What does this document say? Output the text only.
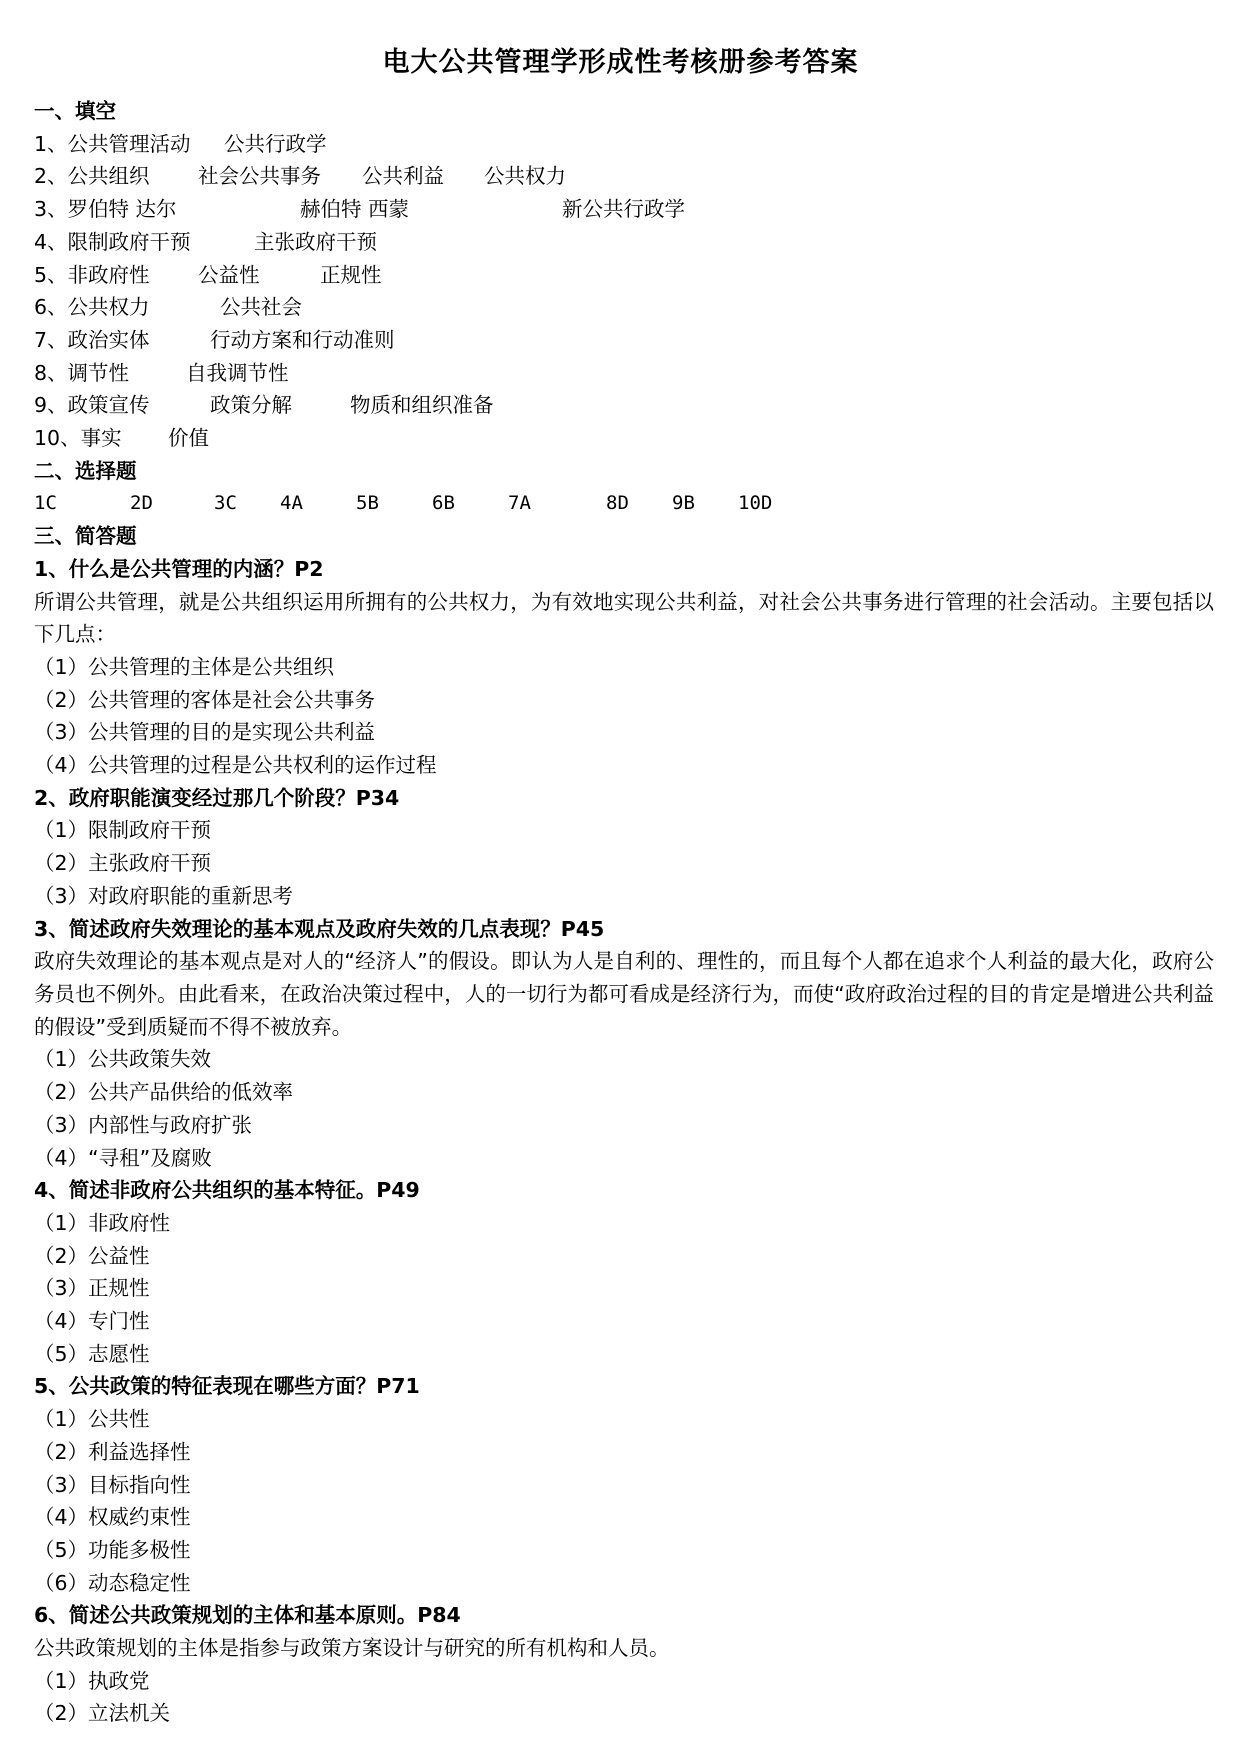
电大公共管理学形成性考核册参考答案
一、填空
1、公共管理活动	公共行政学
2、公共组织	社会公共事务	公共利益	公共权力
3、罗伯特 达尔	赫伯特 西蒙	新公共行政学
4、限制政府干预	主张政府干预
5、非政府性	公益性	正规性
6、公共权力	公共社会
7、政治实体	行动方案和行动准则
8、调节性	自我调节性
9、政策宣传	政策分解	物质和组织准备
10、事实	价值
二、选择题
1C	2D	3C	4A	5B	6B	7A	8D	9B	10D
三、简答题
1、什么是公共管理的内涵？P2
所谓公共管理，就是公共组织运用所拥有的公共权力，为有效地实现公共利益，对社会公共事务进行管理的社会活动。主要包括以下几点：
（1）公共管理的主体是公共组织
（2）公共管理的客体是社会公共事务
（3）公共管理的目的是实现公共利益
（4）公共管理的过程是公共权利的运作过程
2、政府职能演变经过那几个阶段？P34
（1）限制政府干预
（2）主张政府干预
（3）对政府职能的重新思考
3、简述政府失效理论的基本观点及政府失效的几点表现？P45
政府失效理论的基本观点是对人的“经济人”的假设。即认为人是自利的、理性的，而且每个人都在追求个人利益的最大化，政府公务员也不例外。由此看来，在政治决策过程中，人的一切行为都可看成是经济行为，而使“政府政治过程的目的肯定是增进公共利益的假设”受到质疑而不得不被放弃。
（1）公共政策失效
（2）公共产品供给的低效率
（3）内部性与政府扩张
（4）“寻租”及腐败
4、简述非政府公共组织的基本特征。P49
（1）非政府性
（2）公益性
（3）正规性
（4）专门性
（5）志愿性
5、公共政策的特征表现在哪些方面？P71
（1）公共性
（2）利益选择性
（3）目标指向性
（4）权威约束性
（5）功能多极性
（6）动态稳定性
6、简述公共政策规划的主体和基本原则。P84
公共政策规划的主体是指参与政策方案设计与研究的所有机构和人员。
（1）执政党
（2）立法机关
